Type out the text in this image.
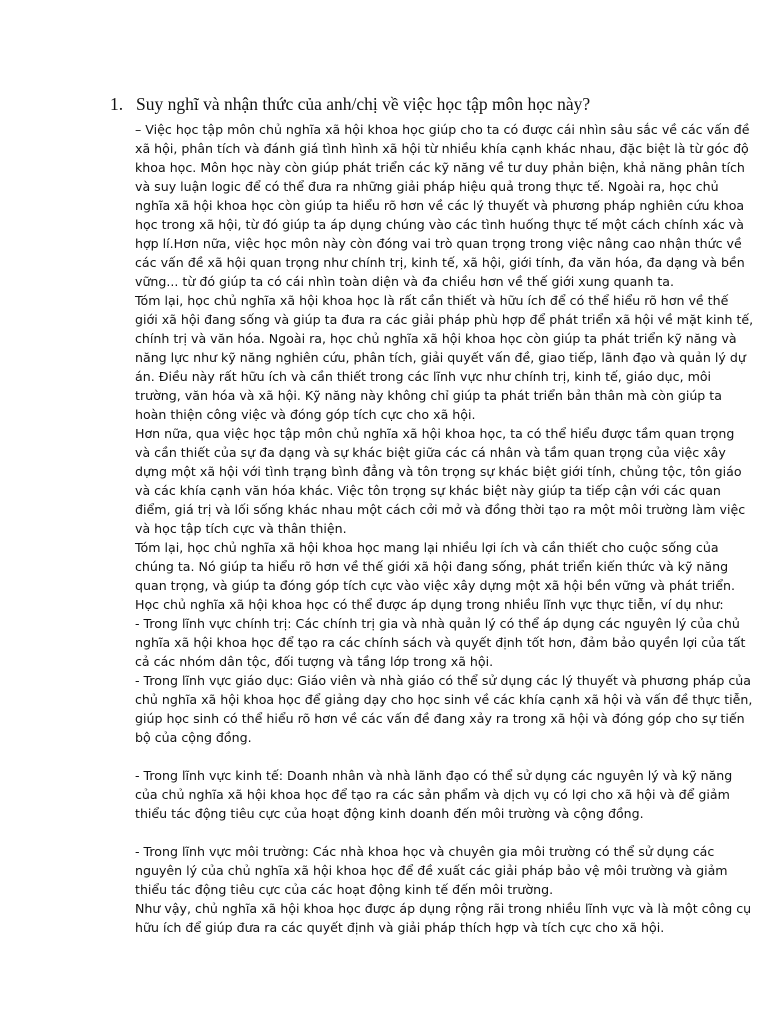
1. Suy nghĩ và nhận thức của anh/chị về việc học tập môn học này?
– Việc học tập môn chủ nghĩa xã hội khoa học giúp cho ta có được cái nhìn sâu sắc về các vấn đề
xã hội, phân tích và đánh giá tình hình xã hội từ nhiều khía cạnh khác nhau, đặc biệt là từ góc độ
khoa học. Môn học này còn giúp phát triển các kỹ năng về tư duy phản biện, khả năng phân tích
và suy luận logic để có thể đưa ra những giải pháp hiệu quả trong thực tế. Ngoài ra, học chủ
nghĩa xã hội khoa học còn giúp ta hiểu rõ hơn về các lý thuyết và phương pháp nghiên cứu khoa
học trong xã hội, từ đó giúp ta áp dụng chúng vào các tình huống thực tế một cách chính xác và
hợp lí.Hơn nữa, việc học môn này còn đóng vai trò quan trọng trong việc nâng cao nhận thức về
các vấn đề xã hội quan trọng như chính trị, kinh tế, xã hội, giới tính, đa văn hóa, đa dạng và bền
vững... từ đó giúp ta có cái nhìn toàn diện và đa chiều hơn về thế giới xung quanh ta.
Tóm lại, học chủ nghĩa xã hội khoa học là rất cần thiết và hữu ích để có thể hiểu rõ hơn về thế
giới xã hội đang sống và giúp ta đưa ra các giải pháp phù hợp để phát triển xã hội về mặt kinh tế,
chính trị và văn hóa. Ngoài ra, học chủ nghĩa xã hội khoa học còn giúp ta phát triển kỹ năng và
năng lực như kỹ năng nghiên cứu, phân tích, giải quyết vấn đề, giao tiếp, lãnh đạo và quản lý dự
án. Điều này rất hữu ích và cần thiết trong các lĩnh vực như chính trị, kinh tế, giáo dục, môi
trường, văn hóa và xã hội. Kỹ năng này không chỉ giúp ta phát triển bản thân mà còn giúp ta
hoàn thiện công việc và đóng góp tích cực cho xã hội.
Hơn nữa, qua việc học tập môn chủ nghĩa xã hội khoa học, ta có thể hiểu được tầm quan trọng
và cần thiết của sự đa dạng và sự khác biệt giữa các cá nhân và tầm quan trọng của việc xây
dựng một xã hội với tình trạng bình đẳng và tôn trọng sự khác biệt giới tính, chủng tộc, tôn giáo
và các khía cạnh văn hóa khác. Việc tôn trọng sự khác biệt này giúp ta tiếp cận với các quan
điểm, giá trị và lối sống khác nhau một cách cởi mở và đồng thời tạo ra một môi trường làm việc
và học tập tích cực và thân thiện.
Tóm lại, học chủ nghĩa xã hội khoa học mang lại nhiều lợi ích và cần thiết cho cuộc sống của
chúng ta. Nó giúp ta hiểu rõ hơn về thế giới xã hội đang sống, phát triển kiến thức và kỹ năng
quan trọng, và giúp ta đóng góp tích cực vào việc xây dựng một xã hội bền vững và phát triển.
Học chủ nghĩa xã hội khoa học có thể được áp dụng trong nhiều lĩnh vực thực tiễn, ví dụ như:
- Trong lĩnh vực chính trị: Các chính trị gia và nhà quản lý có thể áp dụng các nguyên lý của chủ
nghĩa xã hội khoa học để tạo ra các chính sách và quyết định tốt hơn, đảm bảo quyền lợi của tất
cả các nhóm dân tộc, đối tượng và tầng lớp trong xã hội.
- Trong lĩnh vực giáo dục: Giáo viên và nhà giáo có thể sử dụng các lý thuyết và phương pháp của
chủ nghĩa xã hội khoa học để giảng dạy cho học sinh về các khía cạnh xã hội và vấn đề thực tiễn,
giúp học sinh có thể hiểu rõ hơn về các vấn đề đang xảy ra trong xã hội và đóng góp cho sự tiến
bộ của cộng đồng.
- Trong lĩnh vực kinh tế: Doanh nhân và nhà lãnh đạo có thể sử dụng các nguyên lý và kỹ năng
của chủ nghĩa xã hội khoa học để tạo ra các sản phẩm và dịch vụ có lợi cho xã hội và để giảm
thiểu tác động tiêu cực của hoạt động kinh doanh đến môi trường và cộng đồng.
- Trong lĩnh vực môi trường: Các nhà khoa học và chuyên gia môi trường có thể sử dụng các
nguyên lý của chủ nghĩa xã hội khoa học để đề xuất các giải pháp bảo vệ môi trường và giảm
thiểu tác động tiêu cực của các hoạt động kinh tế đến môi trường.
Như vậy, chủ nghĩa xã hội khoa học được áp dụng rộng rãi trong nhiều lĩnh vực và là một công cụ
hữu ích để giúp đưa ra các quyết định và giải pháp thích hợp và tích cực cho xã hội.
